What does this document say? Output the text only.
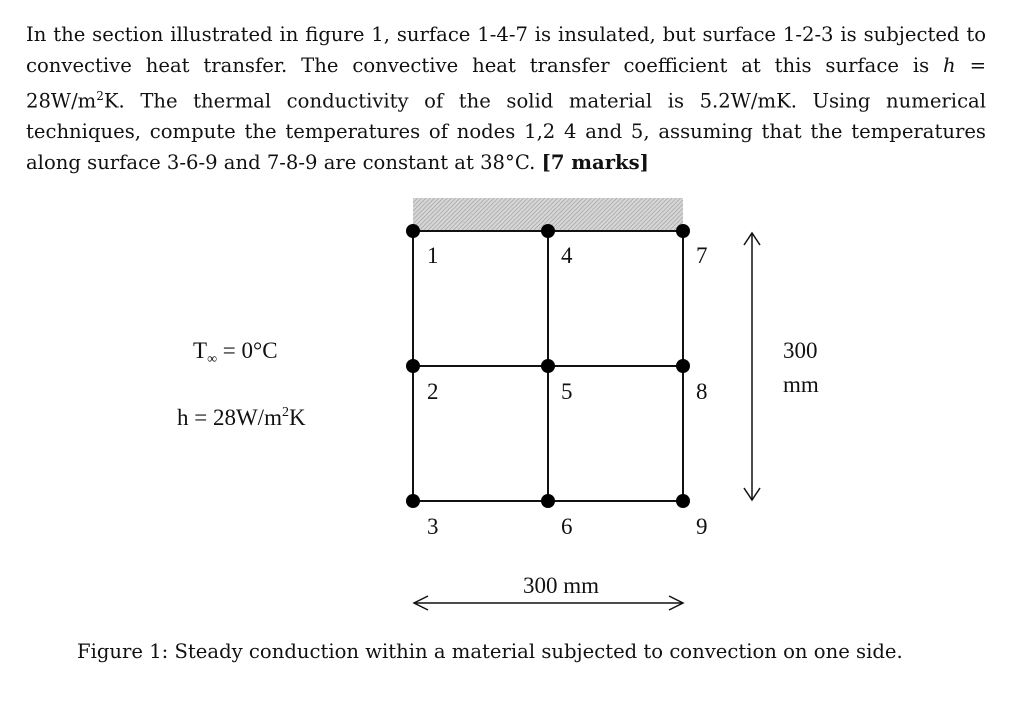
In the section illustrated in figure 1, surface 1-4-7 is insulated, but surface 1-2-3 is subjected to convective heat transfer. The convective heat transfer coefficient at this surface is $h = 28W/m^2K$. The thermal conductivity of the solid material is 5.2W/mK. Using numerical techniques, compute the temperatures of nodes 1,2 4 and 5, assuming that the temperatures along surface 3-6-9 and 7-8-9 are constant at 38°C. [7 marks]

1
2
3
4
5
6
7
8
9
$T_\infty = 0^\circ C$
$h = 28W/m^2K$
300
mm
300 mm
Figure 1: Steady conduction within a material subjected to convection on one side.
